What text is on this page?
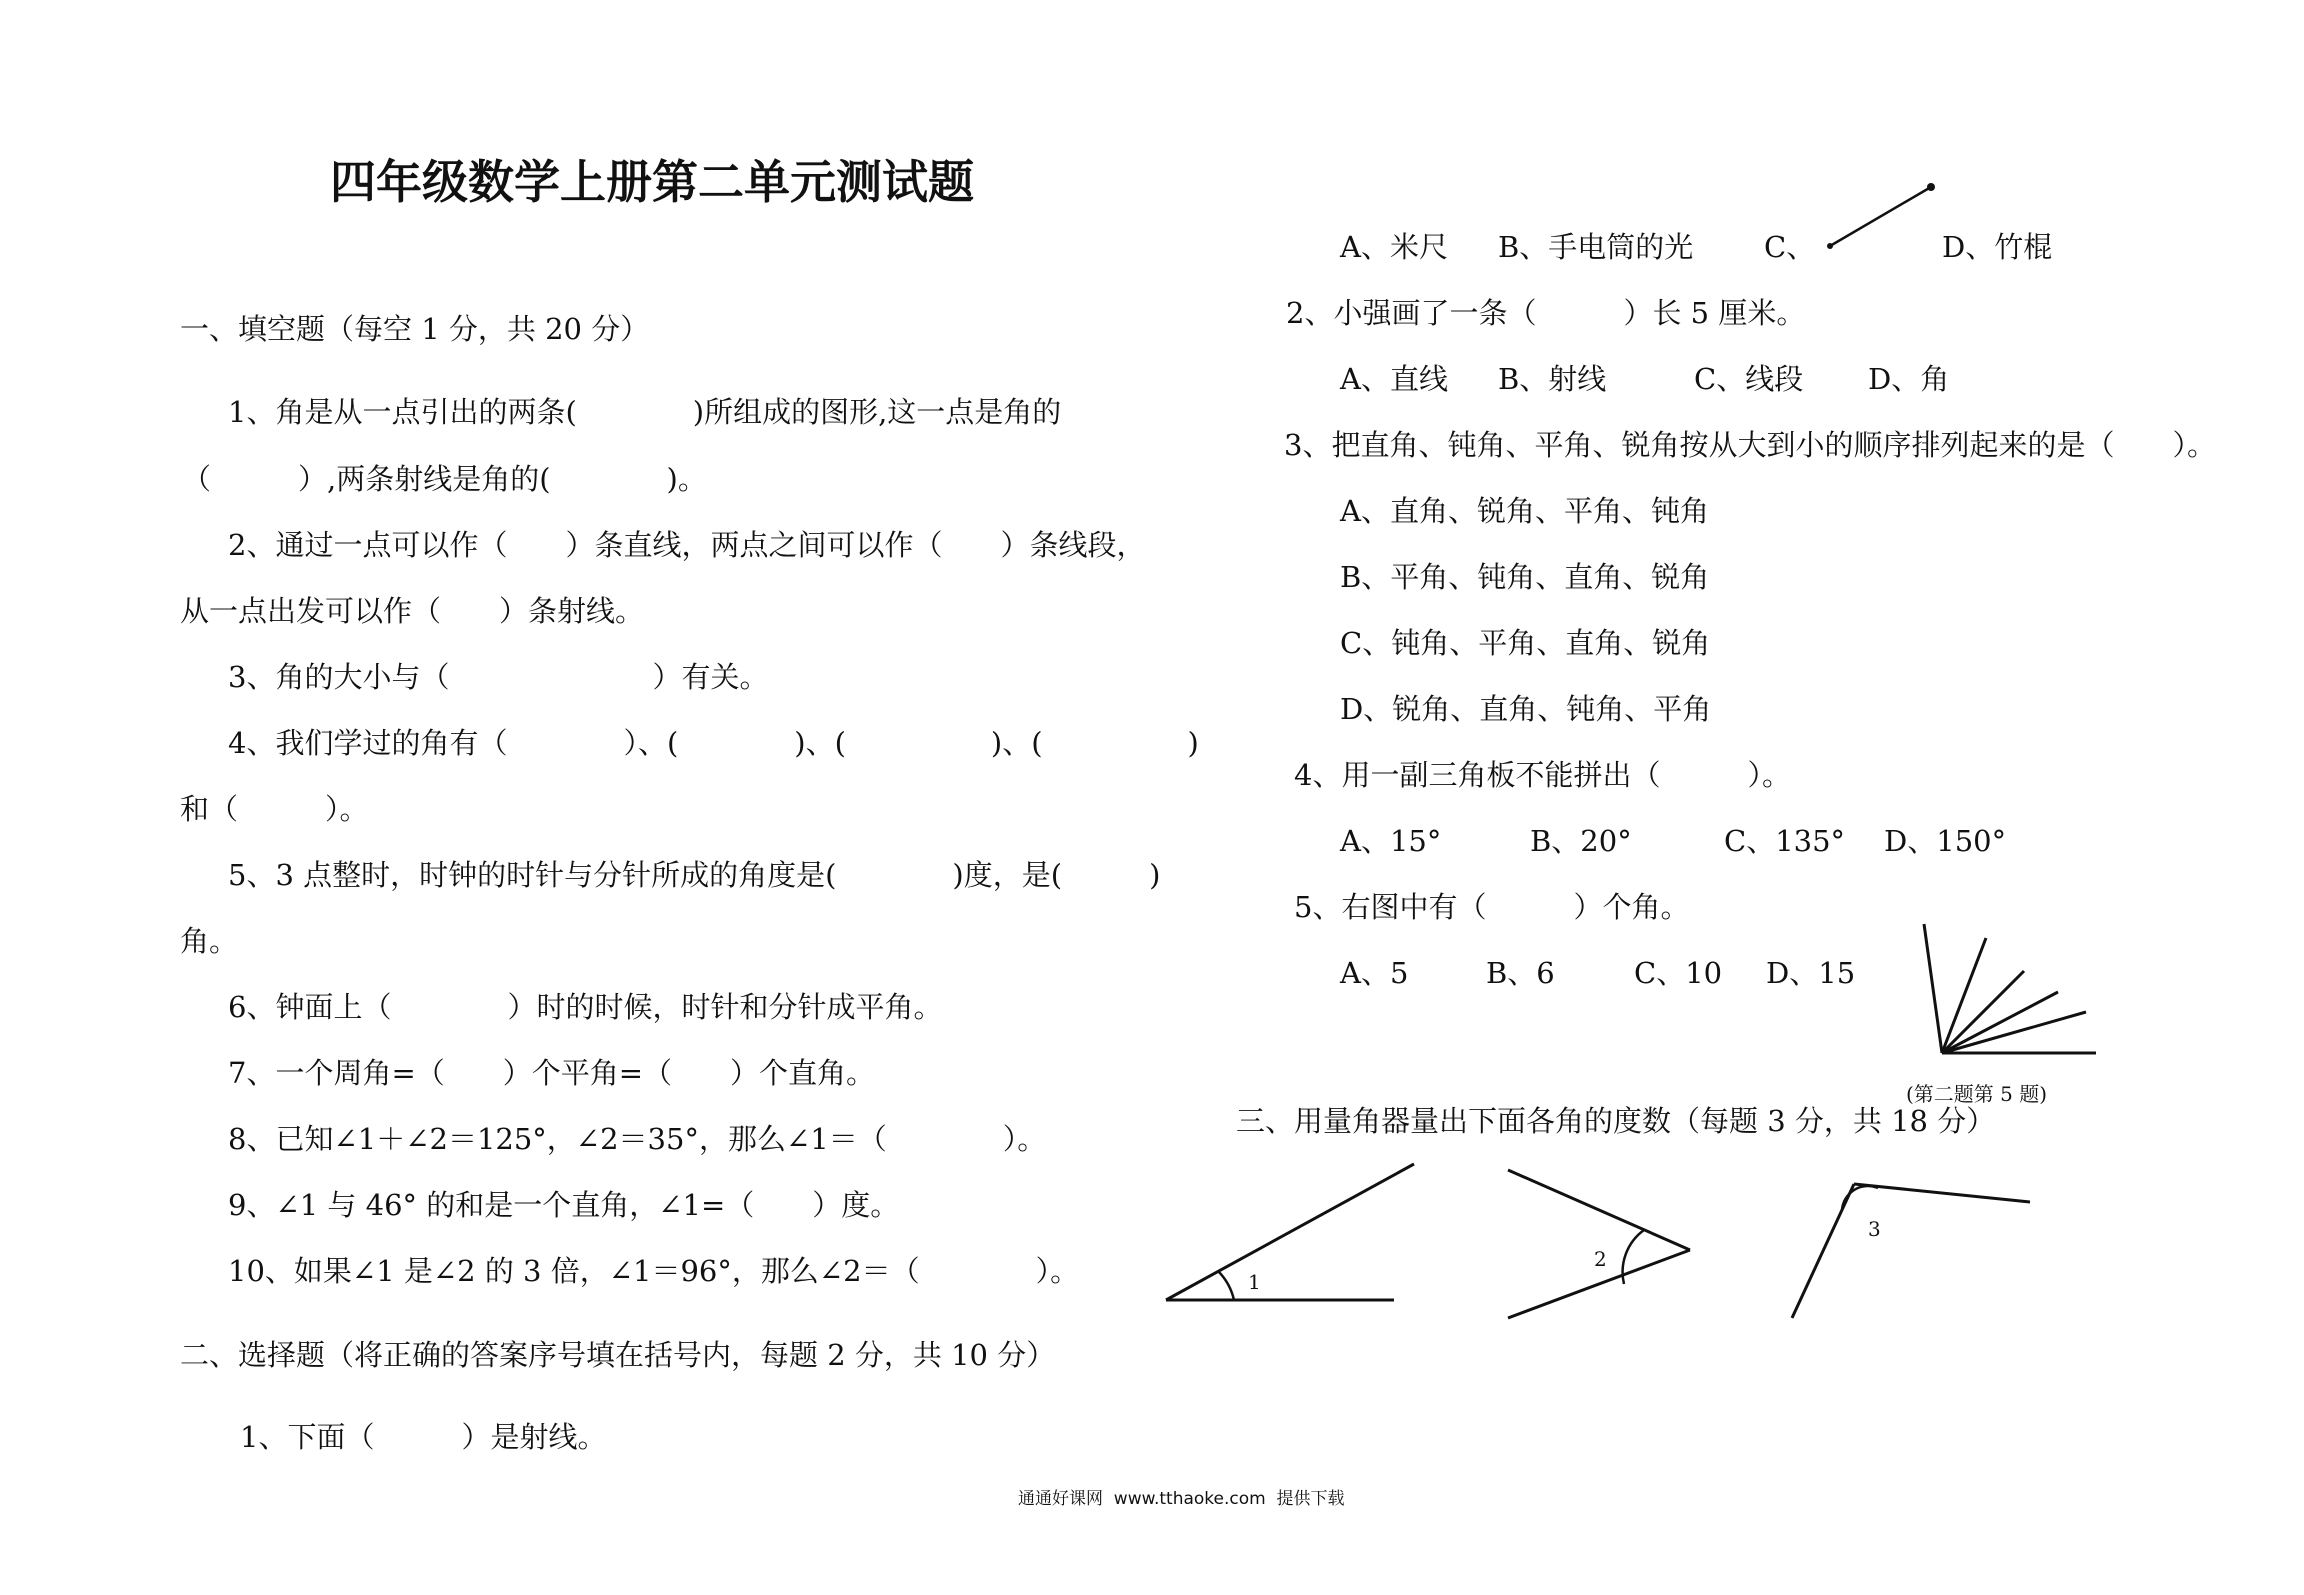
四年级数学上册第二单元测试题
一、填空题（每空 1 分，共 20 分）
1、角是从一点引出的两条(　　　　)所组成的图形,这一点是角的
（　　　）,两条射线是角的(　　　　)。
2、通过一点可以作（　　）条直线，两点之间可以作（　　）条线段，
从一点出发可以作（　　）条射线。
3、角的大小与（　　　　　　　）有关。
4、我们学过的角有（　　　　）、(　　　　)、(　　　　　)、(　　　　　)
和（　　　）。
5、3 点整时，时钟的时针与分针所成的角度是(　　　　)度，是(　　　)
角。
6、钟面上（　　　　）时的时候，时针和分针成平角。
7、一个周角=（　　）个平角=（　　）个直角。
8、已知∠1＋∠2＝125°，∠2＝35°，那么∠1＝（　　　　）。
9、∠1 与 46° 的和是一个直角，∠1=（　　）度。
10、如果∠1 是∠2 的 3 倍，∠1＝96°，那么∠2＝（　　　　）。
二、选择题（将正确的答案序号填在括号内，每题 2 分，共 10 分）
1、下面（　　　）是射线。
A、米尺 B、手电筒的光 C、	D、竹棍
2、小强画了一条（　　　）长 5 厘米。
A、直线 B、射线	C、线段 D、角
3、把直角、钝角、平角、锐角按从大到小的顺序排列起来的是（　　）。
A、直角、锐角、平角、钝角
B、平角、钝角、直角、锐角
C、钝角、平角、直角、锐角
D、锐角、直角、钝角、平角
4、用一副三角板不能拼出（　　　）。
A、15°	B、20°	C、135° D、150°
5、右图中有（　　　）个角。
A、5	B、6	C、10 D、15
(第二题第 5 题)
三、用量角器量出下面各角的度数（每题 3 分，共 18 分）
1
2
3
通通好课网  www.tthaoke.com  提供下载
